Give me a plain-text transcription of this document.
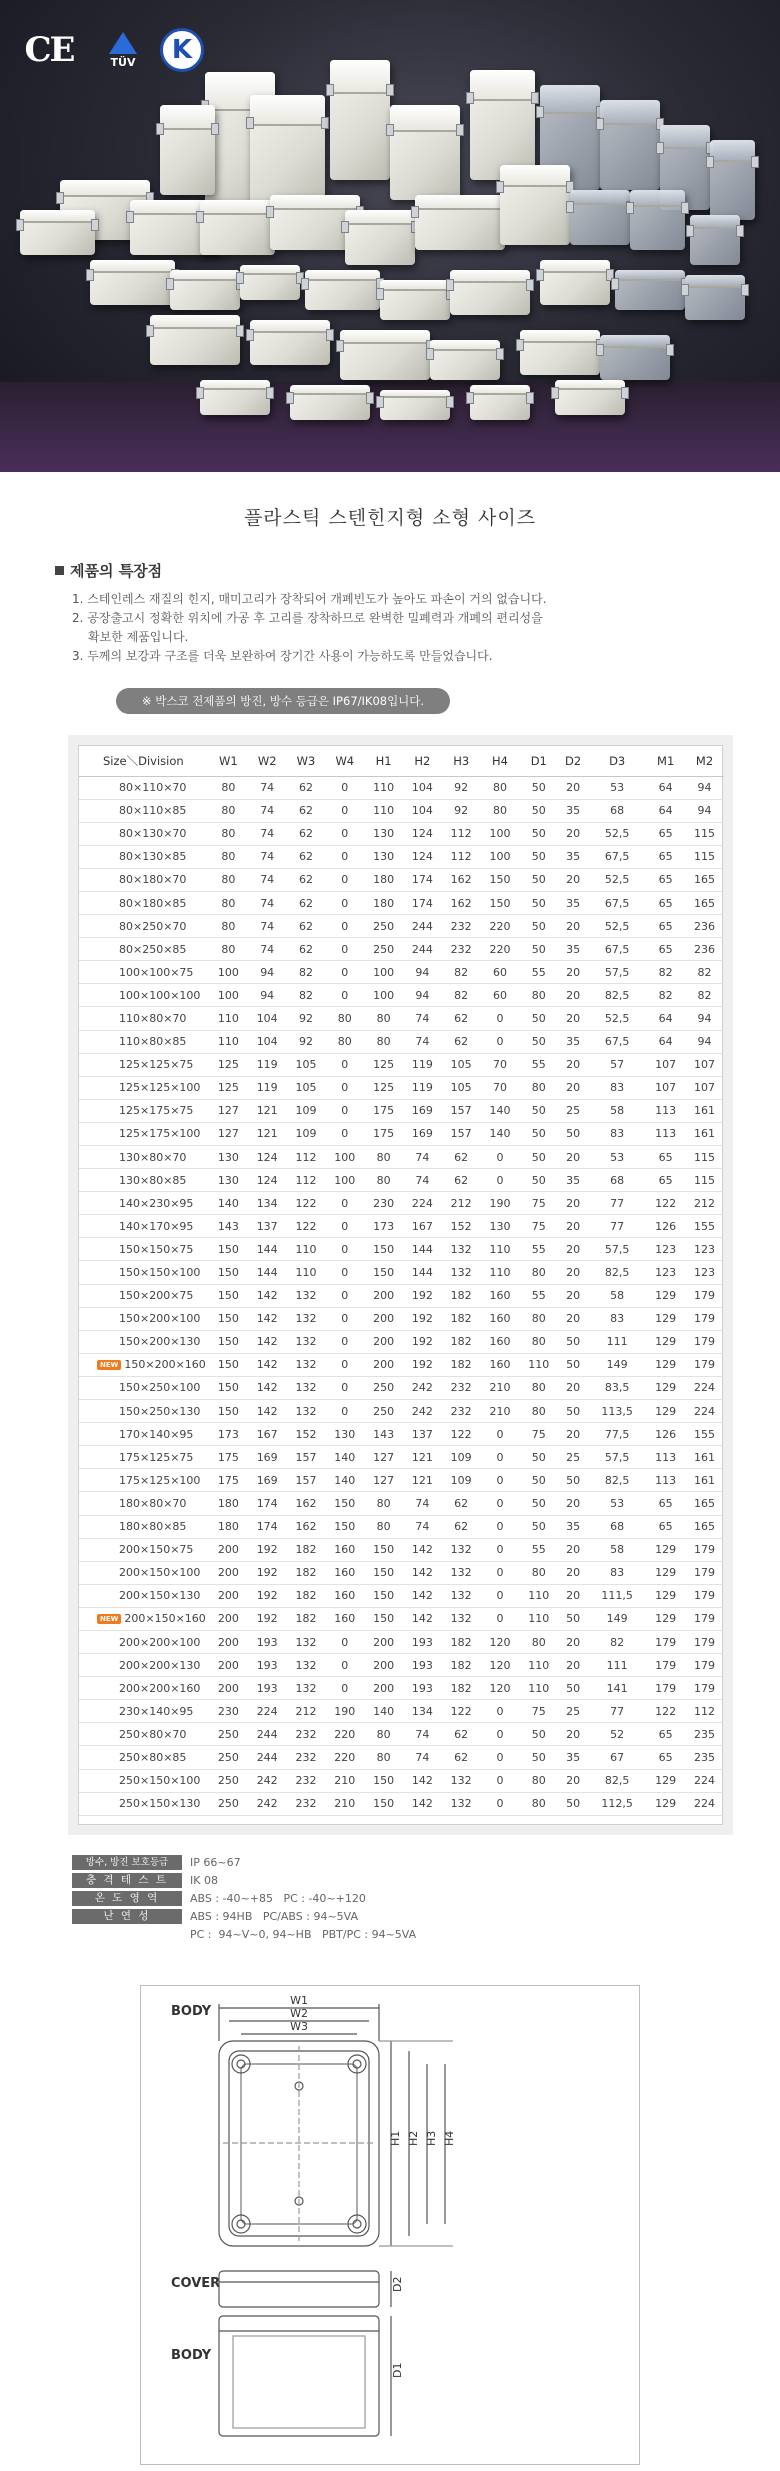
CE	TÜV K
플라스틱 스텐힌지형 소형 사이즈
제품의 특장점
1. 스테인레스 재질의 힌지, 매미고리가 장착되어 개폐빈도가 높아도 파손이 거의 없습니다.
2. 공장출고시 정확한 위치에 가공 후 고리를 장착하므로 완벽한 밀폐력과 개폐의 편리성을
확보한 제품입니다.
3. 두께의 보강과 구조를 더욱 보완하여 장기간 사용이 가능하도록 만들었습니다.
※ 박스코 전제품의 방진, 방수 등급은 IP67/IK08입니다.
Size＼Division	W1	W2	W3	W4	H1	H2	H3	H4	D1	D2	D3	M1	M2
80×110×70	80	74	62	0	110	104	92	80	50	20	53	64	94
80×110×85	80	74	62	0	110	104	92	80	50	35	68	64	94
80×130×70	80	74	62	0	130	124	112	100	50	20	52,5	65	115
80×130×85	80	74	62	0	130	124	112	100	50	35	67,5	65	115
80×180×70	80	74	62	0	180	174	162	150	50	20	52,5	65	165
80×180×85	80	74	62	0	180	174	162	150	50	35	67,5	65	165
80×250×70	80	74	62	0	250	244	232	220	50	20	52,5	65	236
80×250×85	80	74	62	0	250	244	232	220	50	35	67,5	65	236
100×100×75	100	94	82	0	100	94	82	60	55	20	57,5	82	82
100×100×100	100	94	82	0	100	94	82	60	80	20	82,5	82	82
110×80×70	110	104	92	80	80	74	62	0	50	20	52,5	64	94
110×80×85	110	104	92	80	80	74	62	0	50	35	67,5	64	94
125×125×75	125	119	105	0	125	119	105	70	55	20	57	107	107
125×125×100	125	119	105	0	125	119	105	70	80	20	83	107	107
125×175×75	127	121	109	0	175	169	157	140	50	25	58	113	161
125×175×100	127	121	109	0	175	169	157	140	50	50	83	113	161
130×80×70	130	124	112	100	80	74	62	0	50	20	53	65	115
130×80×85	130	124	112	100	80	74	62	0	50	35	68	65	115
140×230×95	140	134	122	0	230	224	212	190	75	20	77	122	212
140×170×95	143	137	122	0	173	167	152	130	75	20	77	126	155
150×150×75	150	144	110	0	150	144	132	110	55	20	57,5	123	123
150×150×100	150	144	110	0	150	144	132	110	80	20	82,5	123	123
150×200×75	150	142	132	0	200	192	182	160	55	20	58	129	179
150×200×100	150	142	132	0	200	192	182	160	80	20	83	129	179
150×200×130	150	142	132	0	200	192	182	160	80	50	111	129	179
NEW 150×200×160	150	142	132	0	200	192	182	160	110	50	149	129	179
150×250×100	150	142	132	0	250	242	232	210	80	20	83,5	129	224
150×250×130	150	142	132	0	250	242	232	210	80	50	113,5	129	224
170×140×95	173	167	152	130	143	137	122	0	75	20	77,5	126	155
175×125×75	175	169	157	140	127	121	109	0	50	25	57,5	113	161
175×125×100	175	169	157	140	127	121	109	0	50	50	82,5	113	161
180×80×70	180	174	162	150	80	74	62	0	50	20	53	65	165
180×80×85	180	174	162	150	80	74	62	0	50	35	68	65	165
200×150×75	200	192	182	160	150	142	132	0	55	20	58	129	179
200×150×100	200	192	182	160	150	142	132	0	80	20	83	129	179
200×150×130	200	192	182	160	150	142	132	0	110	20	111,5	129	179
NEW 200×150×160	200	192	182	160	150	142	132	0	110	50	149	129	179
200×200×100	200	193	132	0	200	193	182	120	80	20	82	179	179
200×200×130	200	193	132	0	200	193	182	120	110	20	111	179	179
200×200×160	200	193	132	0	200	193	182	120	110	50	141	179	179
230×140×95	230	224	212	190	140	134	122	0	75	25	77	122	112
250×80×70	250	244	232	220	80	74	62	0	50	20	52	65	235
250×80×85	250	244	232	220	80	74	62	0	50	35	67	65	235
250×150×100	250	242	232	210	150	142	132	0	80	20	82,5	129	224
250×150×130	250	242	232	210	150	142	132	0	80	50	112,5	129	224
방수, 방진 보호등급	IP 66~67
충 격 테 스 트	IK 08
온 도 영 역	ABS : -40~+85   PC : -40~+120
난 연 성	ABS : 94HB   PC/ABS : 94~5VA
PC :  94~V~0, 94~HB   PBT/PC : 94~5VA
BODY
COVER
BODY
W1
W2
W3
H1 H2 H3 H4
D2
D1
